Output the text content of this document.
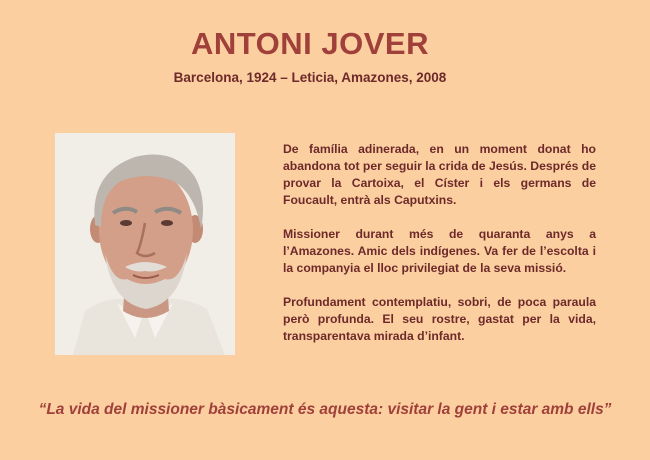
ANTONI JOVER
Barcelona, 1924 – Leticia, Amazones, 2008

De família adinerada, en un moment donat ho abandona tot per seguir la crida de Jesús. Després de provar la Cartoixa, el Císter i els germans de Foucault, entrà als Caputxins.

Missioner durant més de quaranta anys a l’Amazones. Amic dels indígenes. Va fer de l’escolta i la companyia el lloc privilegiat de la seva missió.

Profundament contemplatiu, sobri, de poca paraula però profunda. El seu rostre, gastat per la vida, transparentava mirada d’infant.

“La vida del missioner bàsicament és aquesta: visitar la gent i estar amb ells”
